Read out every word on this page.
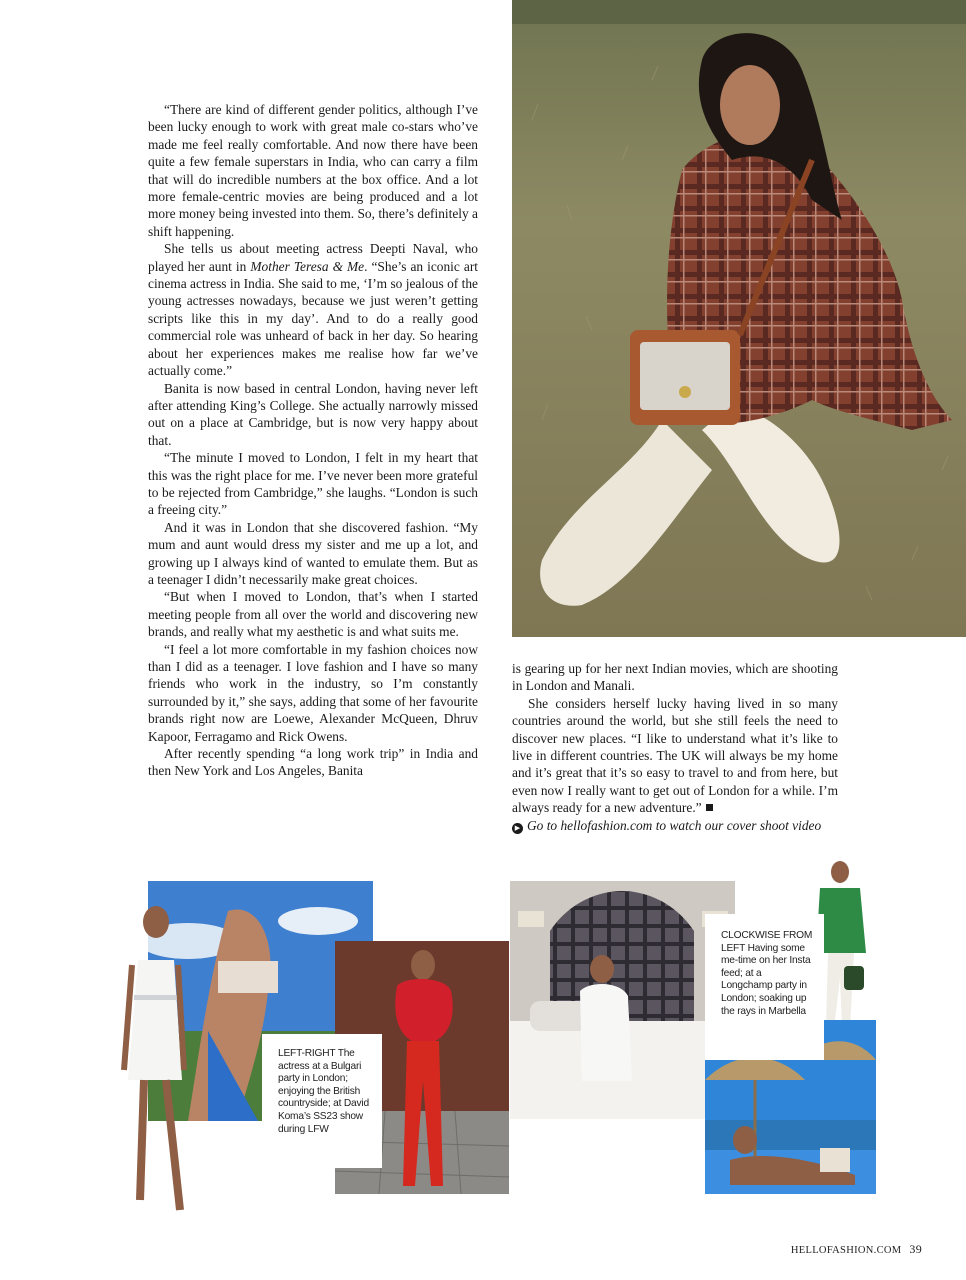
“There are kind of different gender politics, although I’ve been lucky enough to work with great male co-stars who’ve made me feel really comfortable. And now there have been quite a few female superstars in India, who can carry a film that will do incredible numbers at the box office. And a lot more female-centric movies are being produced and a lot more money being invested into them. So, there’s definitely a shift happening.

She tells us about meeting actress Deepti Naval, who played her aunt in Mother Teresa & Me. “She’s an iconic art cinema actress in India. She said to me, ‘I’m so jealous of the young actresses nowadays, because we just weren’t getting scripts like this in my day’. And to do a really good commercial role was unheard of back in her day. So hearing about her experiences makes me realise how far we’ve actually come.”

Banita is now based in central London, having never left after attending King’s College. She actually narrowly missed out on a place at Cambridge, but is now very happy about that.

“The minute I moved to London, I felt in my heart that this was the right place for me. I’ve never been more grateful to be rejected from Cambridge,” she laughs. “London is such a freeing city.”

And it was in London that she discovered fashion. “My mum and aunt would dress my sister and me up a lot, and growing up I always kind of wanted to emulate them. But as a teenager I didn’t necessarily make great choices.

“But when I moved to London, that’s when I started meeting people from all over the world and discovering new brands, and really what my aesthetic is and what suits me.

“I feel a lot more comfortable in my fashion choices now than I did as a teenager. I love fashion and I have so many friends who work in the industry, so I’m constantly surrounded by it,” she says, adding that some of her favourite brands right now are Loewe, Alexander McQueen, Dhruv Kapoor, Ferragamo and Rick Owens.

After recently spending “a long work trip” in India and then New York and Los Angeles, Banita

is gearing up for her next Indian movies, which are shooting in London and Manali.

She considers herself lucky having lived in so many countries around the world, but she still feels the need to discover new places. “I like to understand what it’s like to live in different countries. The UK will always be my home and it’s great that it’s so easy to travel to and from here, but even now I really want to get out of London for a while. I’m always ready for a new adventure.”

▶ Go to hellofashion.com to watch our cover shoot video

LEFT-RIGHT The actress at a Bulgari party in London; enjoying the British countryside; at David Koma’s SS23 show during LFW
CLOCKWISE FROM LEFT Having some me-time on her Insta feed; at a Longchamp party in London; soaking up the rays in Marbella
HELLOFASHION.COM 39
